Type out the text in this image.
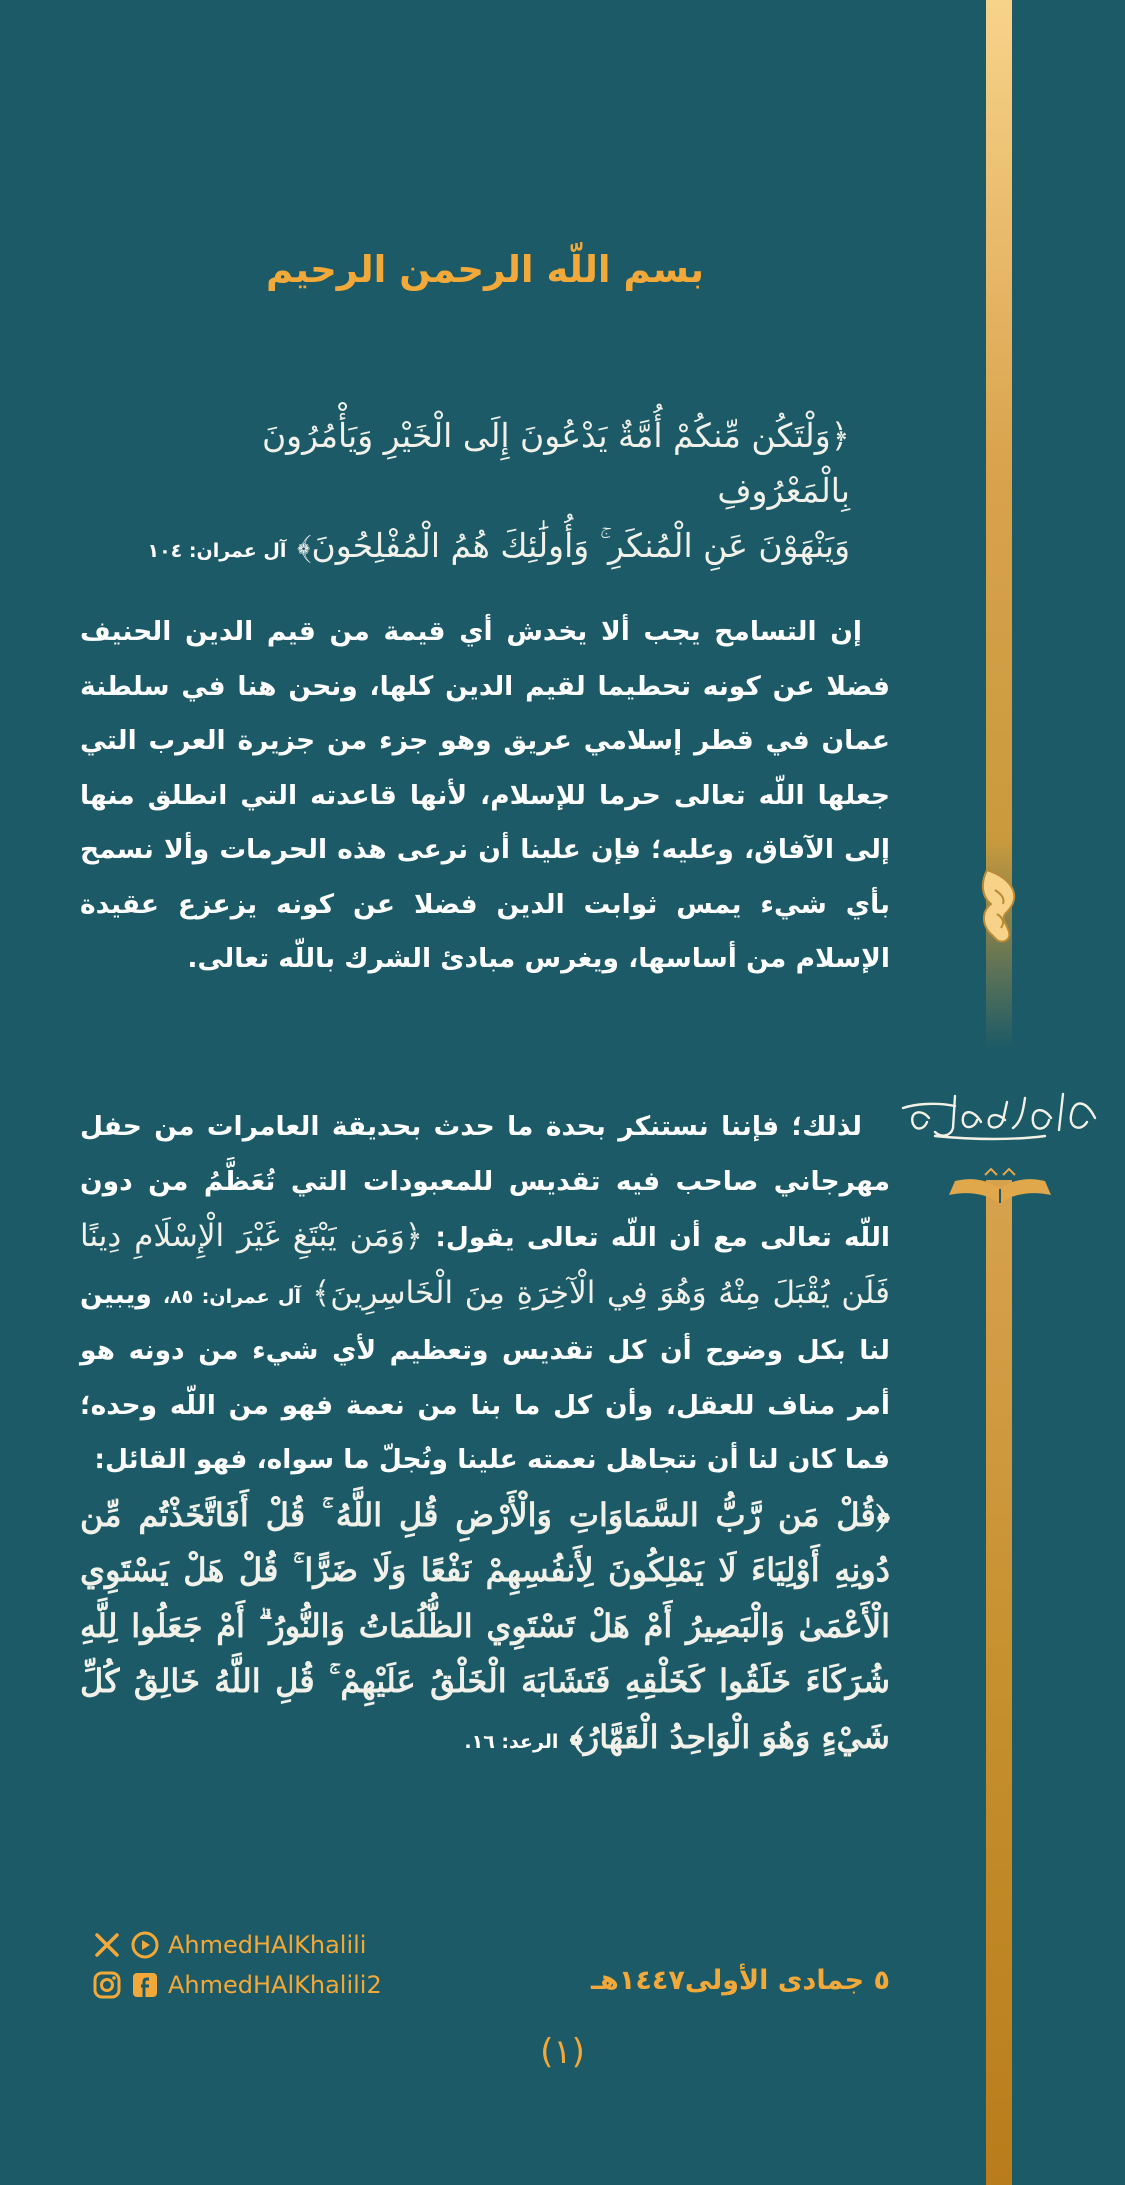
بسم اللّه الرحمن الرحيم
﴿وَلْتَكُن مِّنكُمْ أُمَّةٌ يَدْعُونَ إِلَى الْخَيْرِ وَيَأْمُرُونَ بِالْمَعْرُوفِ
وَيَنْهَوْنَ عَنِ الْمُنكَرِ ۚ وَأُولَٰئِكَ هُمُ الْمُفْلِحُونَ﴾ آل عمران: ١٠٤
إن التسامح يجب ألا يخدش أي قيمة من قيم الدين الحنيف فضلا عن كونه تحطيما لقيم الدين كلها، ونحن هنا في سلطنة عمان في قطر إسلامي عريق وهو جزء من جزيرة العرب التي جعلها اللّه تعالى حرما للإسلام، لأنها قاعدته التي انطلق منها إلى الآفاق، وعليه؛ فإن علينا أن نرعى هذه الحرمات وألا نسمح بأي شيء يمس ثوابت الدين فضلا عن كونه يزعزع عقيدة الإسلام من أساسها، ويغرس مبادئ الشرك باللّه تعالى.
لذلك؛ فإننا نستنكر بحدة ما حدث بحديقة العامرات من حفل مهرجاني صاحب فيه تقديس للمعبودات التي تُعَظَّمُ من دون اللّه تعالى مع أن اللّه تعالى يقول: ﴿وَمَن يَبْتَغِ غَيْرَ الْإِسْلَامِ دِينًا فَلَن يُقْبَلَ مِنْهُ وَهُوَ فِي الْآخِرَةِ مِنَ الْخَاسِرِينَ﴾ آل عمران: ٨٥، ويبين لنا بكل وضوح أن كل تقديس وتعظيم لأي شيء من دونه هو أمر مناف للعقل، وأن كل ما بنا من نعمة فهو من اللّه وحده؛ فما كان لنا أن نتجاهل نعمته علينا ونُجلّ ما سواه، فهو القائل:
﴿قُلْ مَن رَّبُّ السَّمَاوَاتِ وَالْأَرْضِ قُلِ اللَّهُ ۚ قُلْ أَفَاتَّخَذْتُم مِّن دُونِهِ أَوْلِيَاءَ لَا يَمْلِكُونَ لِأَنفُسِهِمْ نَفْعًا وَلَا ضَرًّا ۚ قُلْ هَلْ يَسْتَوِي الْأَعْمَىٰ وَالْبَصِيرُ أَمْ هَلْ تَسْتَوِي الظُّلُمَاتُ وَالنُّورُ ۗ أَمْ جَعَلُوا لِلَّهِ شُرَكَاءَ خَلَقُوا كَخَلْقِهِ فَتَشَابَهَ الْخَلْقُ عَلَيْهِمْ ۚ قُلِ اللَّهُ خَالِقُ كُلِّ شَيْءٍ وَهُوَ الْوَاحِدُ الْقَهَّارُ﴾ الرعد: ١٦.
AhmedHAlKhalili
AhmedHAlKhalili2	٥ جمادى الأولى١٤٤٧هـ
(١)
